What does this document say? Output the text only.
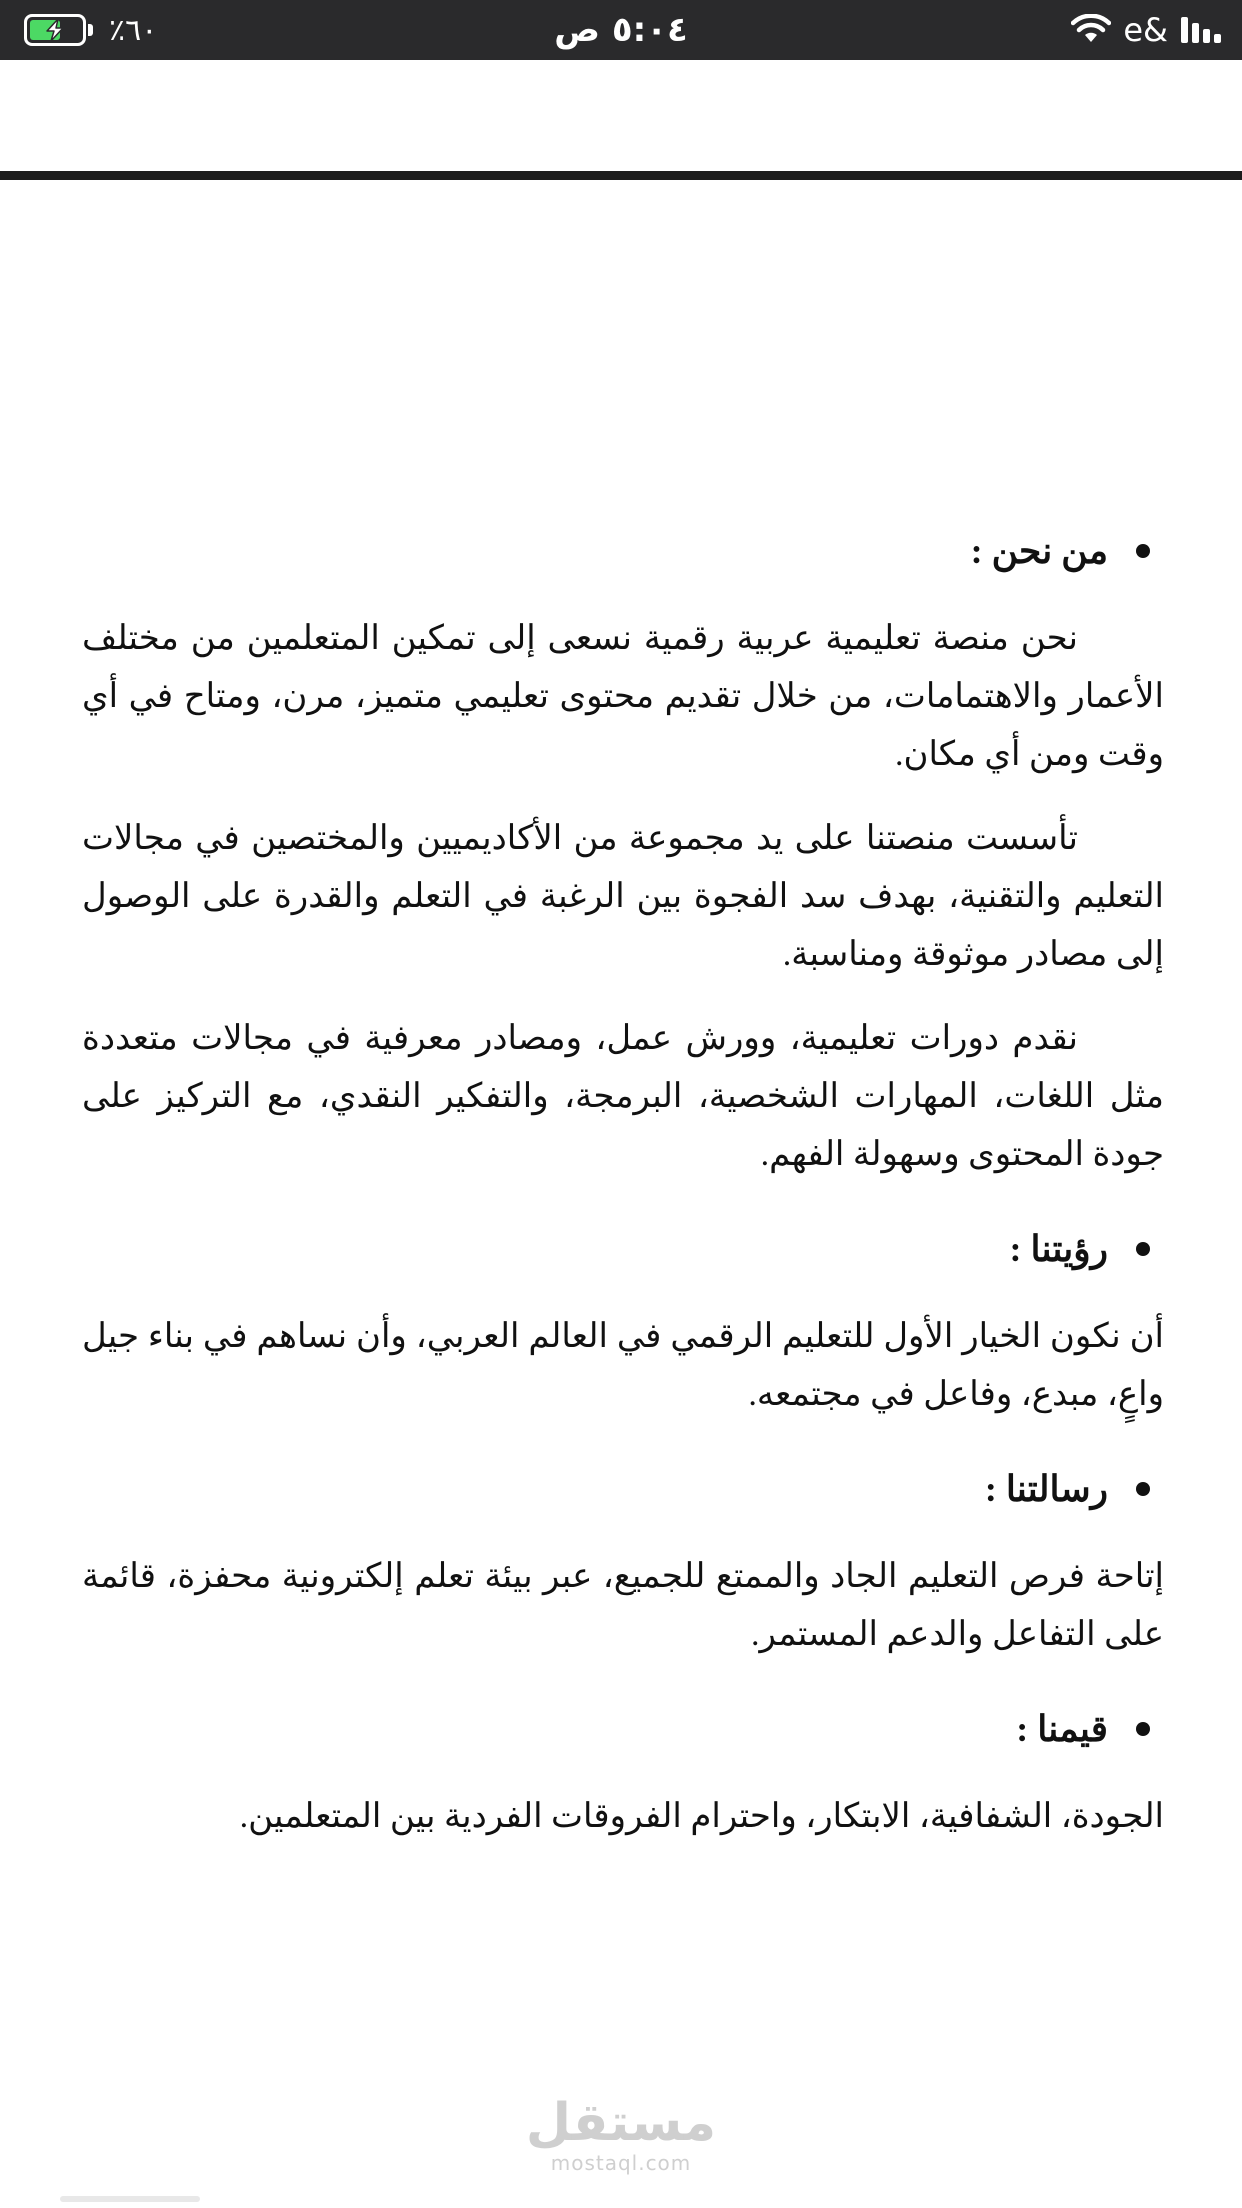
٪٦٠	٥:٠٤ ص	e&
من نحن :

نحن منصة تعليمية عربية رقمية نسعى إلى تمكين المتعلمين من مختلف الأعمار والاهتمامات، من خلال تقديم محتوى تعليمي متميز، مرن، ومتاح في أي وقت ومن أي مكان.

تأسست منصتنا على يد مجموعة من الأكاديميين والمختصين في مجالات التعليم والتقنية، بهدف سد الفجوة بين الرغبة في التعلم والقدرة على الوصول إلى مصادر موثوقة ومناسبة.

نقدم دورات تعليمية، وورش عمل، ومصادر معرفية في مجالات متعددة مثل اللغات، المهارات الشخصية، البرمجة، والتفكير النقدي، مع التركيز على جودة المحتوى وسهولة الفهم.

رؤيتنا :

أن نكون الخيار الأول للتعليم الرقمي في العالم العربي، وأن نساهم في بناء جيل واعٍ، مبدع، وفاعل في مجتمعه.

رسالتنا :

إتاحة فرص التعليم الجاد والممتع للجميع، عبر بيئة تعلم إلكترونية محفزة، قائمة على التفاعل والدعم المستمر.

قيمنا :

الجودة، الشفافية، الابتكار، واحترام الفروقات الفردية بين المتعلمين.

مستقل
mostaql.com
